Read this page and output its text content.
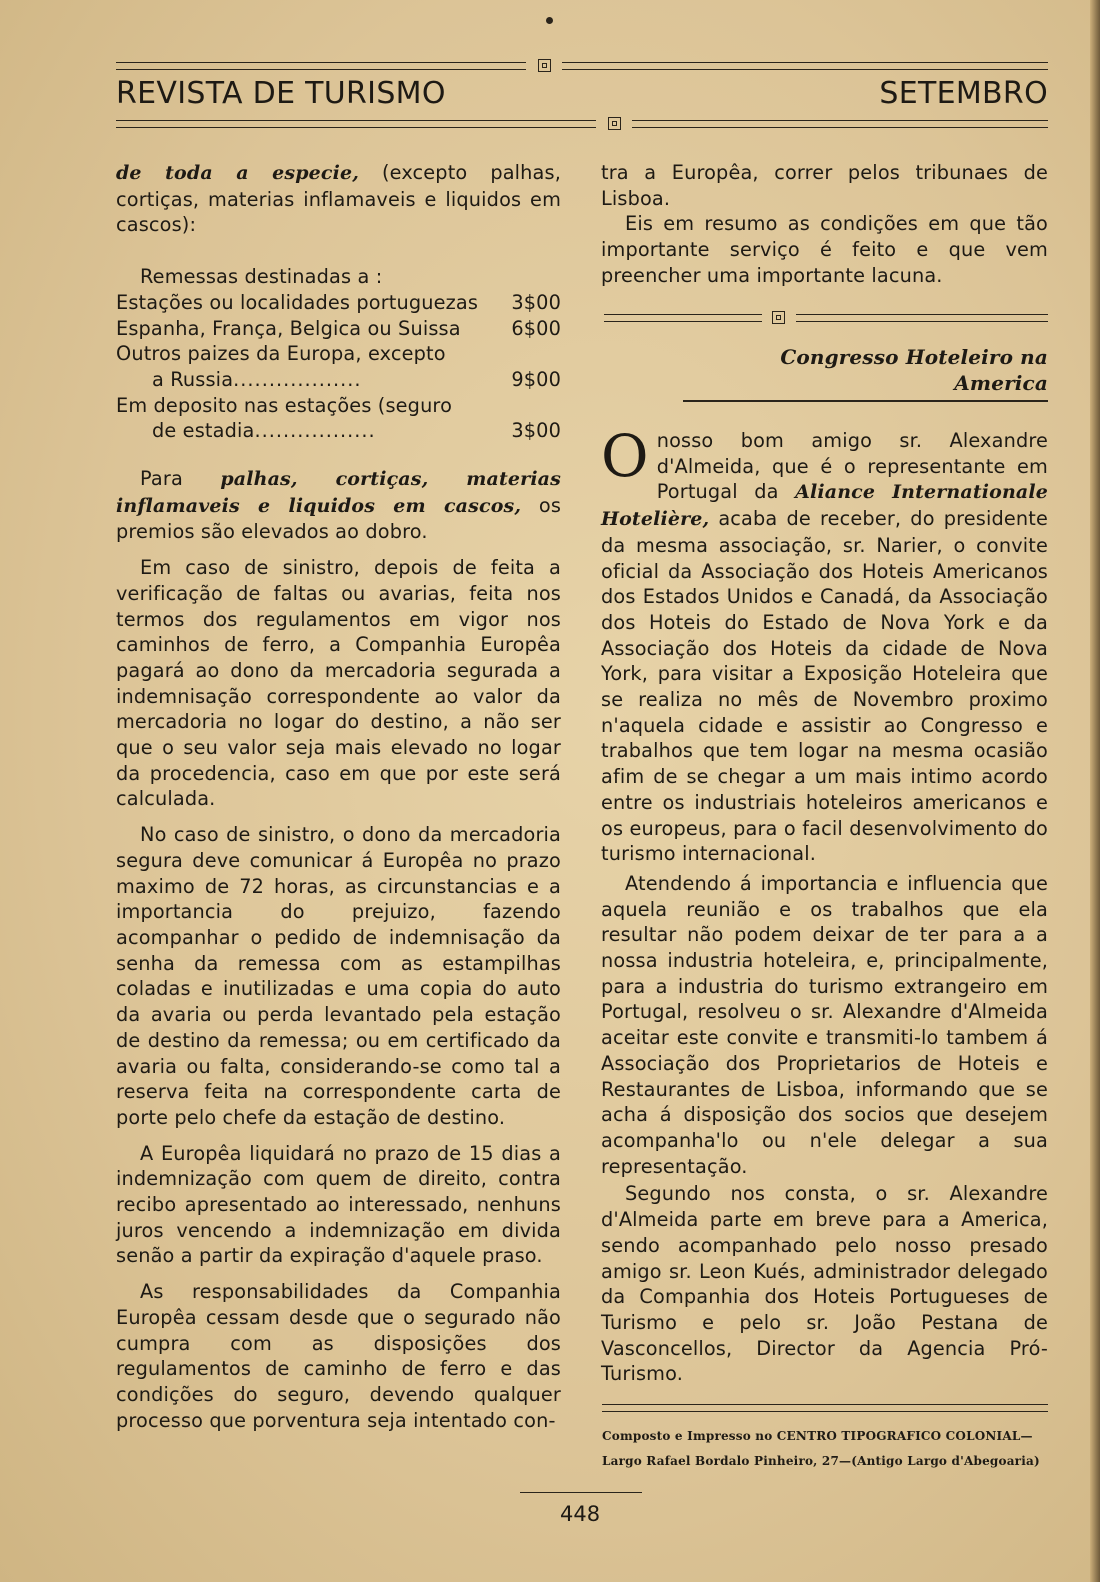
REVISTA DE TURISMO	SETEMBRO

de toda a especie, (excepto palhas, cortiças, materias inflamaveis e liquidos em cascos):

Remessas destinadas a :

Estações ou localidades portuguezas 3$00
Espanha, França, Belgica ou Suissa	6$00
Outros paizes da Europa, excepto
a Russia..................	9$00
Em deposito nas estações (seguro
de estadia.................	3$00

Para palhas, cortiças, materias inflamaveis e liquidos em cascos, os premios são elevados ao dobro.

Em caso de sinistro, depois de feita a verificação de faltas ou avarias, feita nos termos dos regulamentos em vigor nos caminhos de ferro, a Companhia Europêa pagará ao dono da mercadoria segurada a indemnisação correspondente ao valor da mercadoria no logar do destino, a não ser que o seu valor seja mais elevado no logar da procedencia, caso em que por este será calculada.

No caso de sinistro, o dono da mercadoria segura deve comunicar á Europêa no prazo maximo de 72 horas, as circunstancias e a importancia do prejuizo, fazendo acompanhar o pedido de indemnisação da senha da remessa com as estampilhas coladas e inutilizadas e uma copia do auto da avaria ou perda levantado pela estação de destino da remessa; ou em certificado da avaria ou falta, considerando-se como tal a reserva feita na correspondente carta de porte pelo chefe da estação de destino.

A Europêa liquidará no prazo de 15 dias a indemnização com quem de direito, contra recibo apresentado ao interessado, nenhuns juros vencendo a indemnização em divida senão a partir da expiração d'aquele praso.

As responsabilidades da Companhia Europêa cessam desde que o segurado não cumpra com as disposições dos regulamentos de caminho de ferro e das condições do seguro, devendo qualquer processo que porventura seja intentado con-

tra a Europêa, correr pelos tribunaes de Lisboa.

Eis em resumo as condições em que tão importante serviço é feito e que vem preencher uma importante lacuna.

Congresso Hoteleiro na America

O nosso bom amigo sr. Alexandre d'Almeida, que é o representante em Portugal da Aliance Internationale Hotelière, acaba de receber, do presidente da mesma associação, sr. Narier, o convite oficial da Associação dos Hoteis Americanos dos Estados Unidos e Canadá, da Associação dos Hoteis do Estado de Nova York e da Associação dos Hoteis da cidade de Nova York, para visitar a Exposição Hoteleira que se realiza no mês de Novembro proximo n'aquela cidade e assistir ao Congresso e trabalhos que tem logar na mesma ocasião afim de se chegar a um mais intimo acordo entre os industriais hoteleiros americanos e os europeus, para o facil desenvolvimento do turismo internacional.

Atendendo á importancia e influencia que aquela reunião e os trabalhos que ela resultar não podem deixar de ter para a a nossa industria hoteleira, e, principalmente, para a industria do turismo extrangeiro em Portugal, resolveu o sr. Alexandre d'Almeida aceitar este convite e transmiti-lo tambem á Associação dos Proprietarios de Hoteis e Restaurantes de Lisboa, informando que se acha á disposição dos socios que desejem acompanha'lo ou n'ele delegar a sua representação.

Segundo nos consta, o sr. Alexandre d'Almeida parte em breve para a America, sendo acompanhado pelo nosso presado amigo sr. Leon Kués, administrador delegado da Companhia dos Hoteis Portugueses de Turismo e pelo sr. João Pestana de Vasconcellos, Director da Agencia Pró-Turismo.

Composto e Impresso no CENTRO TIPOGRAFICO COLONIAL—
Largo Rafael Bordalo Pinheiro, 27—(Antigo Largo d'Abegoaria)
448
